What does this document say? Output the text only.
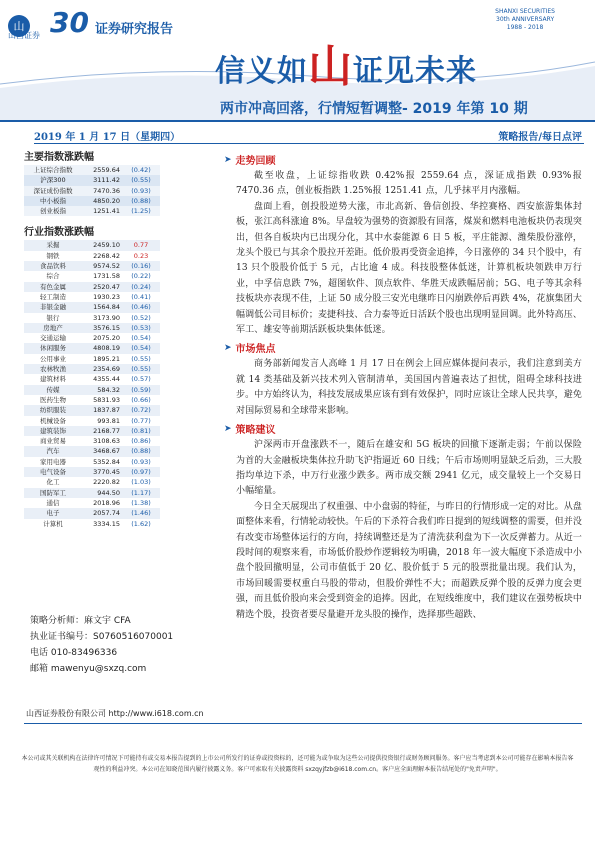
山
山西证券 30 证券研究报告
信义如山证见未来
SHANXI SECURITIES
30th ANNIVERSARY
1988 - 2018
两市冲高回落，行情短暂调整- 2019 年第 10 期
2019 年 1 月 17 日（星期四）	策略报告/每日点评
主要指数涨跌幅
上证综合指数	2559.64	(0.42)
沪深300	3111.42	(0.55)
深证成份指数	7470.36	(0.93)
中小板指	4850.20	(0.88)
创业板指	1251.41	(1.25)
行业指数涨跌幅
采掘	2459.10	0.77
钢铁	2268.42	0.23
食品饮料	9574.52	(0.16)
综合	1731.58	(0.22)
有色金属	2520.47	(0.24)
轻工制造	1930.23	(0.41)
非银金融	1564.84	(0.46)
银行	3173.90	(0.52)
房地产	3576.15	(0.53)
交通运输	2075.20	(0.54)
休闲服务	4808.19	(0.54)
公用事业	1895.21	(0.55)
农林牧渔	2354.69	(0.55)
建筑材料	4355.44	(0.57)
传媒	584.32	(0.59)
医药生物	5831.93	(0.66)
纺织服装	1837.87	(0.72)
机械设备	993.81	(0.77)
建筑装饰	2168.77	(0.81)
商业贸易	3108.63	(0.86)
汽车	3468.67	(0.88)
家用电器	5352.84	(0.93)
电气设备	3770.45	(0.97)
化工	2220.82	(1.03)
国防军工	944.50	(1.17)
通信	2018.96	(1.38)
电子	2057.74	(1.46)
计算机	3334.15	(1.62)
策略分析师：麻文宇 CFA
执业证书编号：S0760516070001
电话 010-83496336
邮箱 mawenyu@sxzq.com
山西证券股份有限公司 http://www.i618.com.cn
➤ 走势回顾
截至收盘，上证综指收跌 0.42%报 2559.64 点，深证成指跌 0.93%报 7470.36 点，创业板指跌 1.25%报 1251.41 点，几乎抹平月内涨幅。
盘面上看，创投股逆势大涨，市北高新、鲁信创投、华控赛格、西安旅游集体封板，张江高科涨逾 8%。早盘较为强势的资源股有回落，煤炭和燃料电池板块仍表现突出，但各自板块内已出现分化，其中水泰能源 6 日 5 板，平庄能源、潍柴股份涨停，龙头个股已与其余个股拉开差距。低价股再受资金追捧，今日涨停的 34 只个股中，有 13 只个股股价低于 5 元，占比逾 4 成。科技股整体低迷，计算机板块领跌申万行业，中孚信息跌 7%，超图软件、顶点软件、华胜天成跌幅居前；5G、电子等其余科技板块亦表现不佳，上证 50 成分股三安光电继昨日闪崩跌停后再跌 4%，花旗集团大幅调低公司目标价；麦捷科技、合力泰等近日活跃个股也出现明显回调。此外特高压、军工、雄安等前期活跃板块集体低迷。
➤ 市场焦点
商务部新闻发言人高峰 1 月 17 日在例会上回应媒体提问表示，我们注意到美方就 14 类基础及新兴技术列入管制清单，美国国内普遍表达了担忧，阻碍全球科技进步。中方始终认为，科技发展成果应该有到有效保护，同时应该让全球人民共享，避免对国际贸易和全球带来影响。
➤ 策略建议
沪深两市开盘涨跌不一，随后在雄安和 5G 板块的回撤下逐渐走弱；午前以保险为首的大金融板块集体拉升助飞沪指逼近 60 日线；午后市场则明显缺乏后劲，三大股指均单边下杀，中万行业涨少跌多。两市成交额 2941 亿元，成交量较上一个交易日小幅缩量。
今日全天展现出了权重强、中小盘弱的特征，与昨日的行情形成一定的对比。从盘面整体来看，行情轮动较快。午后的下杀符合我们昨日提到的短线调整的需要，但并没有改变市场整体运行的方向，持续调整还是为了清洗获利盘为下一次反弹蓄力。从近一段时间的观察来看，市场低价股炒作逻辑较为明确，2018 年一波大幅度下杀造成中小盘个股回撤明显，公司市值低于 20 亿、股价低于 5 元的股票批量出现。我们认为，市场回暖需要权重白马股的带动，但股价弹性不大；而超跌反弹个股的反弹力度会更强，而且低价股向来会受到资金的追捧。因此，在短线维度中，我们建议在强势板块中精选个股，投资者要尽量避开龙头股的操作，选择那些超跌、
本公司或其关联机构在法律许可情况下可能持有或交易本报告提到的上市公司所发行的证券或投资标的，还可能为或争取为这些公司提供投资银行或财务顾问服务。客户应当考虑到本公司可能存在影响本报告客观性的利益冲突。本公司在知晓范围内履行披露义务。客户可索取有关披露资料 sxzqyjfzb@i618.com.cn。客户应全面理解本报告结尾处的"免责声明"。
